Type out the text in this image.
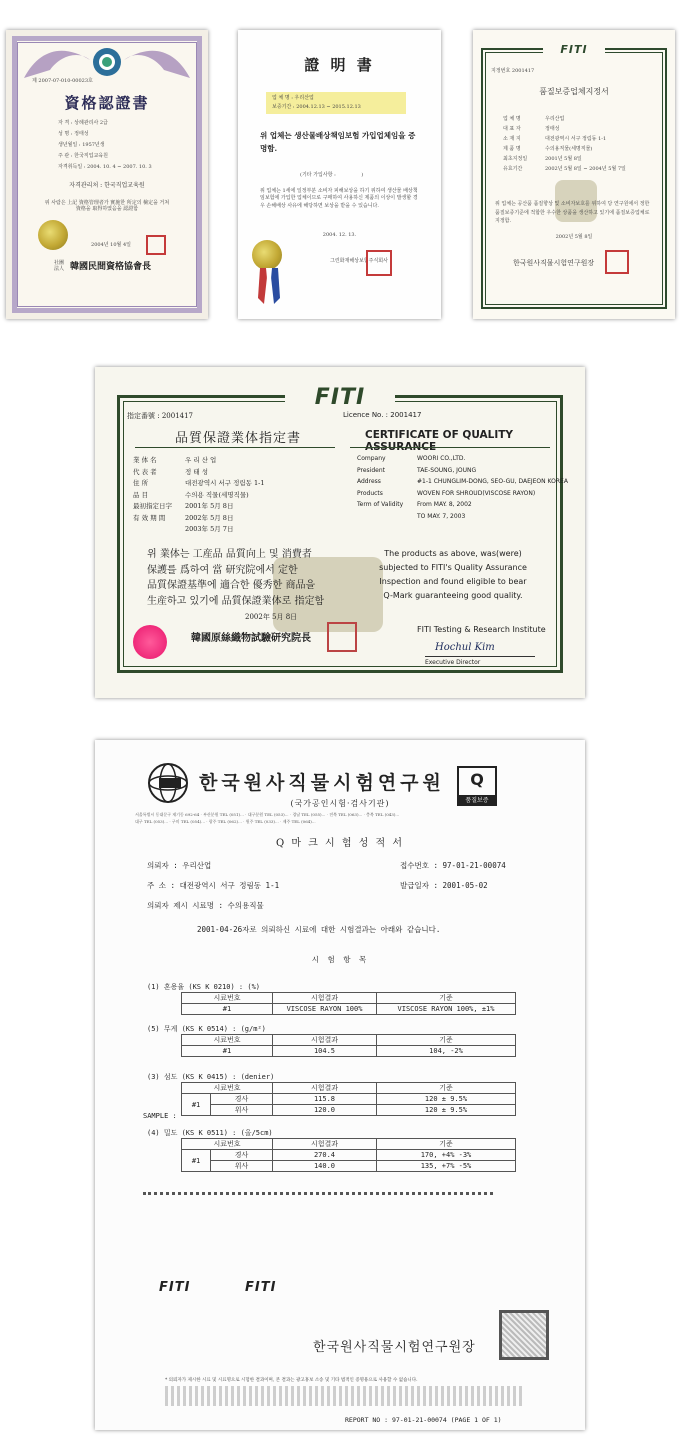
제 2007-07-010-00023호
資格認證書
자 격 : 상례관리사 2급
성 명 : 정태성
생년월일 : 1957년생
주 관 : 한국직업교육원
자격취득일 : 2004. 10. 4 ~ 2007. 10. 3
자격관리처 : 한국직업교육원
위 사람은 上記 資格管理者가 實施한 所定의 檢定을 거쳐 資格을 取得하였음을 認證함
2004년 10월 4일
社團法人 韓國民間資格協會長
證 明 書
업 체 명 : 우리산업
보증기간 : 2004.12.13 ~ 2015.12.13
위 업체는 생산물배상책임보험 가입업체임을 증명함.
(기타 가입사항 :	)
위 업체는 1세에 일정부분 소비자 피해보상을 하기 위하여 생산물 배상책임보험에 가입한 업체이므로 구매하여 사용하신 제품의 이상이 발생할 경우 손해배상 사유에 해당하면 보상을 받을 수 있습니다.
2004. 12. 13.
그린화재해상보험주식회사
FITI
지정번호 2001417
품질보증업체지정서
업 체 명	우리산업
대 표 자	정태성
소 재 지	대전광역시 서구 정림동 1-1
제 품 명	수의용직물(세명직물)
최초지정일	2001년 5월 8일
유효기간	2002년 5월 8일 ~ 2004년 5월 7일
위 업체는 공산품 품질향상 및 소비자보호를 위하여 당 연구원에서 정한 품질보증기준에 적합한 우수한 상품을 생산하고 있기에 품질보증업체로 지정함.
2002년 5월 8일
한국원사직물시험연구원장
FITI
指定番號 : 2001417	Licence No. : 2001417
品質保證業体指定書	CERTIFICATE OF QUALITY ASSURANCE
業 体 名	우 리 산 업
代 表 者	정 태 성
住 所	대전광역시 서구 정림동 1-1
品 目	수의용 직물(세명직물)
最初指定日字 2001年 5月 8日
有 效 期 間	2002年 5月 8日
2003年 5月 7日
Company	WOORI CO.,LTD.
President	TAE-SOUNG, JOUNG
Address	#1-1 CHUNGLIM-DONG, SEO-GU, DAEJEON KOREA
Products	WOVEN FOR SHROUD(VISCOSE RAYON)
Term of Validity From MAY. 8, 2002
TO MAY. 7, 2003
위 業体는 工産品 品質向上 및 消費者
保護를 爲하여 當 研究院에서 定한
品質保證基準에 適合한 優秀한 商品을
生産하고 있기에 品質保證業体로 指定함
2002年 5月 8日
韓國原絲織物試驗研究院長
The products as above, was(were)
subjected to FITI's Quality Assurance
Inspection and found eligible to bear
Q-Mark guaranteeing good quality.
FITI Testing & Research Institute
Hochul Kim
Executive Director
한국원사직물시험연구원	Q
품질보증
(국가공인시험·검사기관)
서울특별시 동대문구 제기동 692-64 · 부산분원 TEL (051)... · 대구분원 TEL (053)... · 경남 TEL (055)... · 전북 TEL (063)... · 충북 TEL (043)...
대구 TEL (053)... · 구미 TEL (054)... · 광주 TEL (062)... · 원주 TEL (033)... · 제주 TEL (064)...
Q 마 크 시 험 성 적 서
의뢰자 : 우리산업
주 소 : 대전광역시 서구 정림동 1-1
의뢰자 제시 시료명 : 수의용직물
접수번호 : 97-01-21-00074
발급일자 : 2001-05-02
2001-04-26자로 의뢰하신 시료에 대한 시험결과는 아래와 같습니다.
시 험 항 목
(1) 혼용율 (KS K 0210) : (%)
시료번호	시험결과	기준
#1	VISCOSE RAYON 100%	VISCOSE RAYON 100%, ±1%
(5) 무게 (KS K 0514) : (g/m²)
시료번호	시험결과	기준
#1	104.5	104, -2%
(3) 섬도 (KS K 0415) : (denier)
시료번호		시험결과	기준
#1	경사	115.8	120 ± 9.5%
	위사	120.0	120 ± 9.5%
(4) 밀도 (KS K 0511) : (올/5cm)
시료번호		시험결과	기준
#1	경사	270.4	170, +4% -3%
	위사	140.0	135, +7% -5%
SAMPLE :
FITI	FITI
한국원사직물시험연구원장
* 의뢰자가 제시한 시료 및 시료명으로 시험한 결과이며, 본 결과는 광고홍보 소송 및 기타 법적인 증명용으로 사용할 수 없습니다.
REPORT NO : 97-01-21-00074 (PAGE 1 OF 1)
